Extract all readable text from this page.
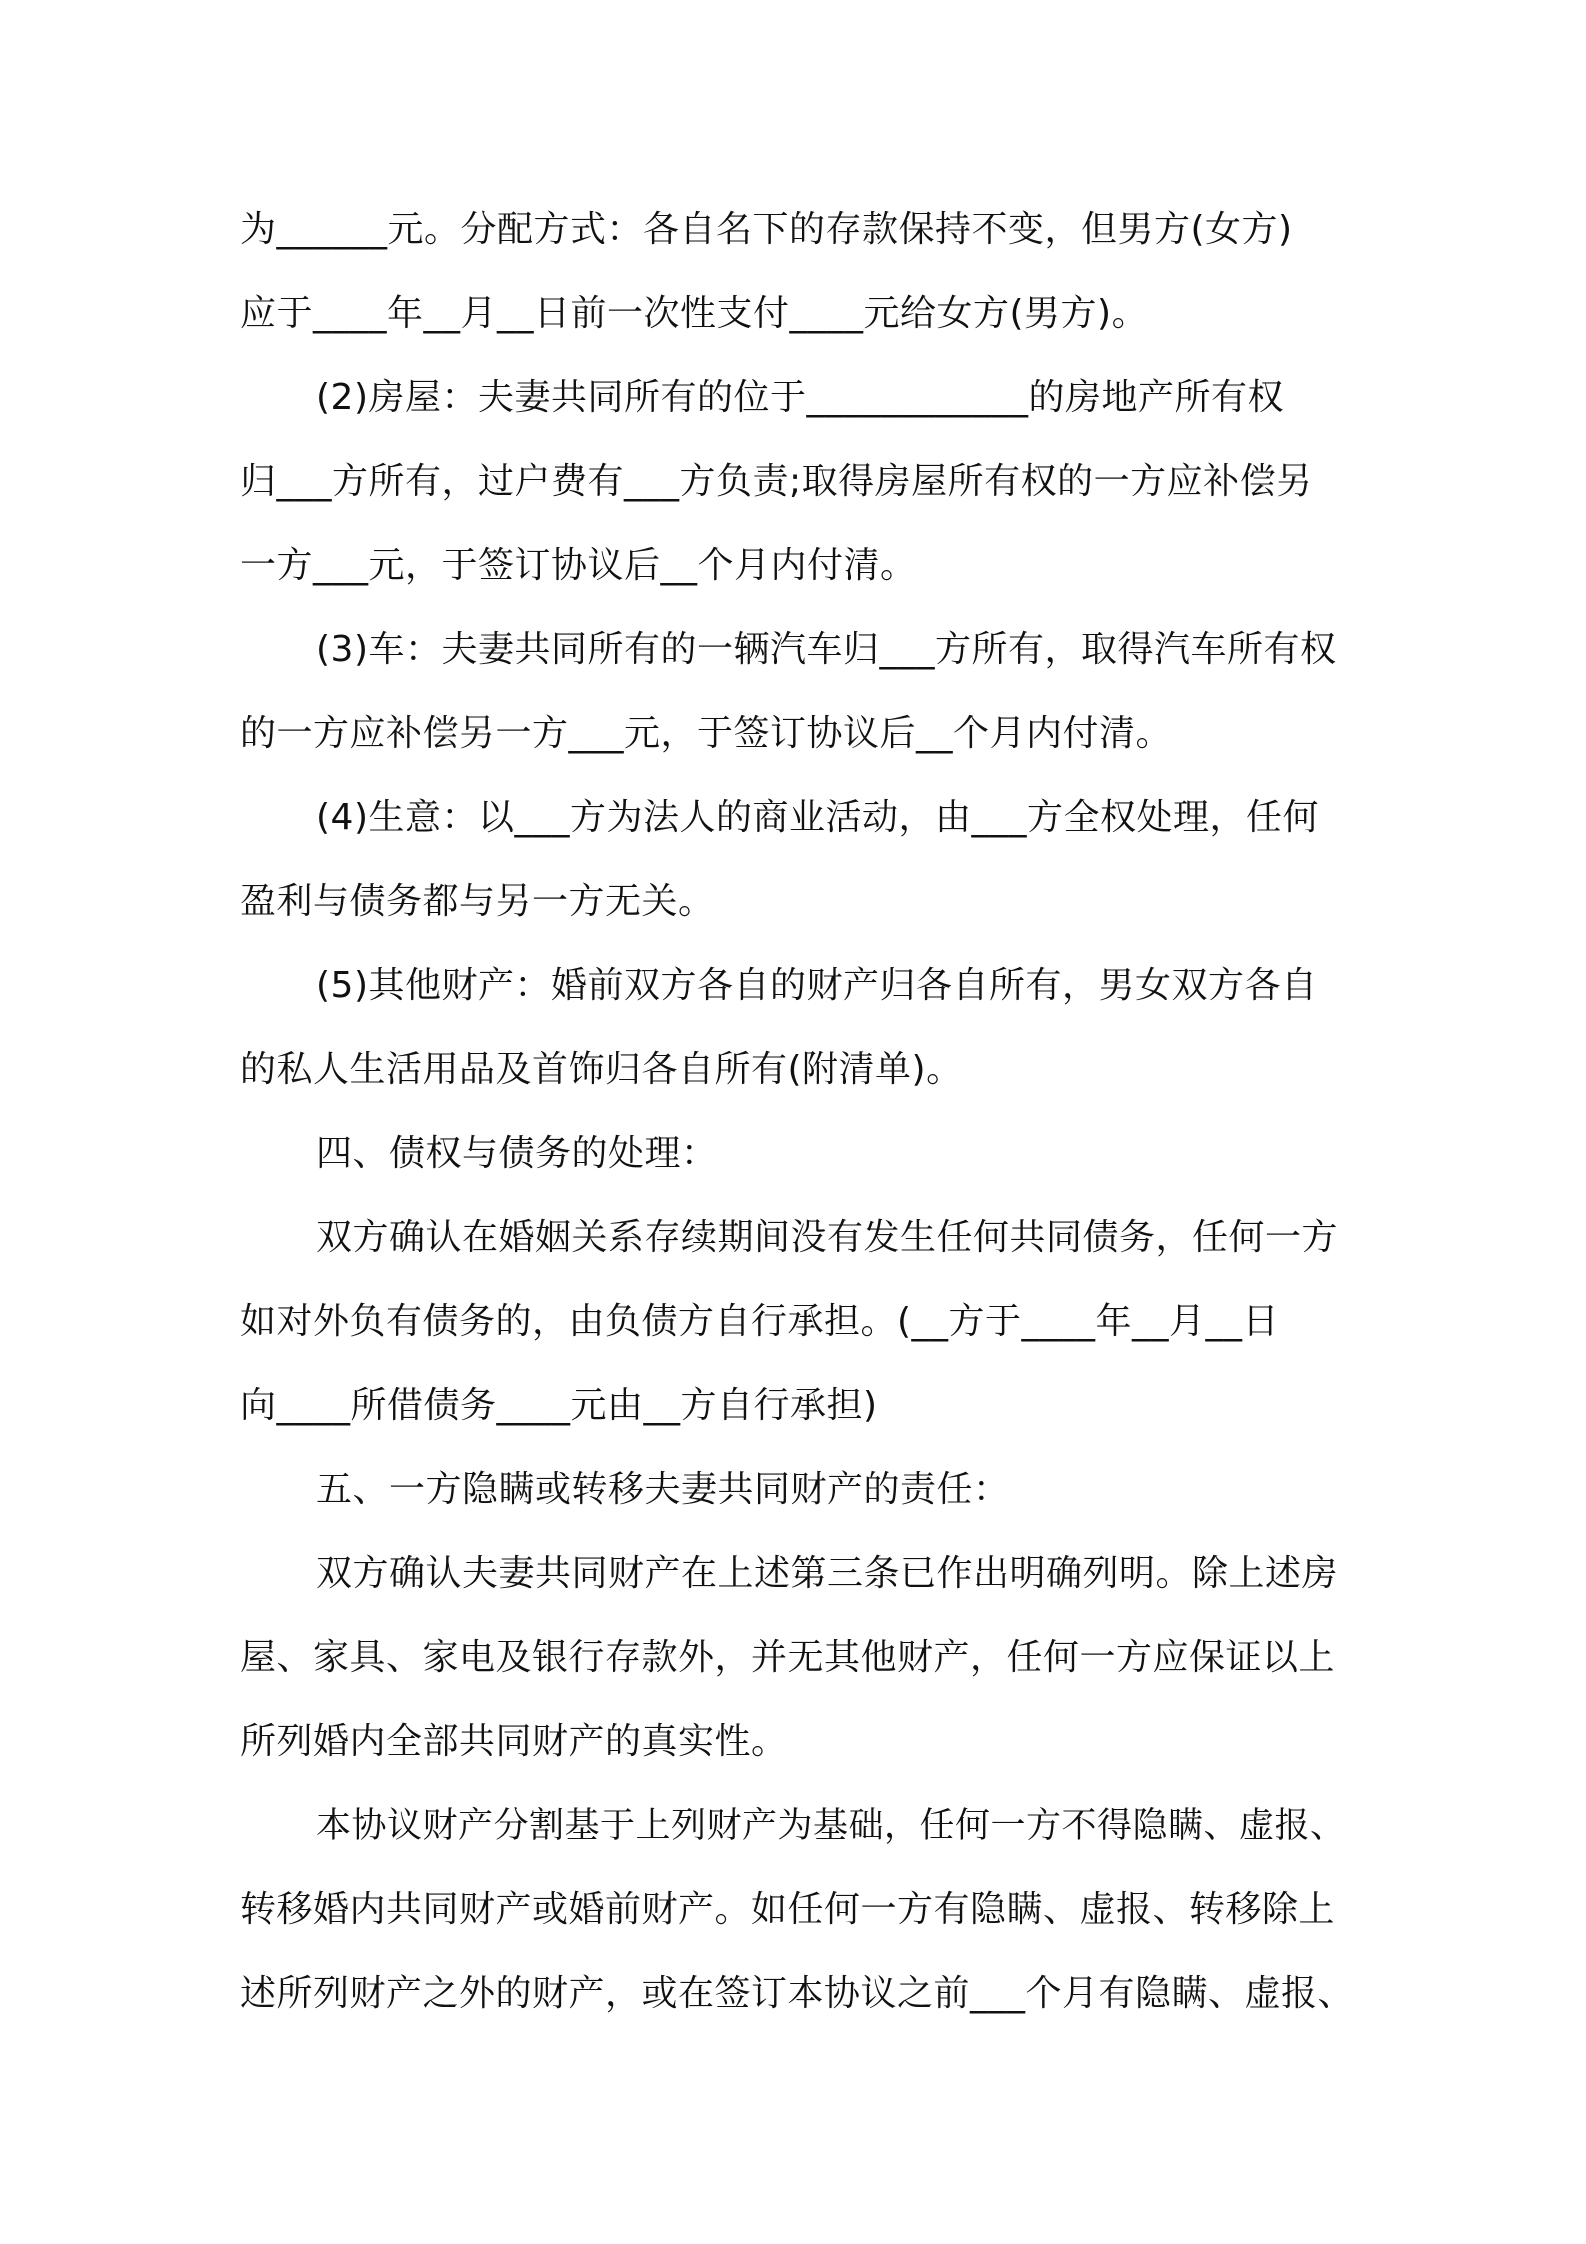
为______元。分配方式：各自名下的存款保持不变，但男方(女方)
应于____年__月__日前一次性支付____元给女方(男方)。
(2)房屋：夫妻共同所有的位于____________的房地产所有权
归___方所有，过户费有___方负责;取得房屋所有权的一方应补偿另
一方___元，于签订协议后__个月内付清。
(3)车：夫妻共同所有的一辆汽车归___方所有，取得汽车所有权
的一方应补偿另一方___元，于签订协议后__个月内付清。
(4)生意：以___方为法人的商业活动，由___方全权处理，任何
盈利与债务都与另一方无关。
(5)其他财产：婚前双方各自的财产归各自所有，男女双方各自
的私人生活用品及首饰归各自所有(附清单)。
四、债权与债务的处理：
双方确认在婚姻关系存续期间没有发生任何共同债务，任何一方
如对外负有债务的，由负债方自行承担。(__方于____年__月__日
向____所借债务____元由__方自行承担)
五、一方隐瞒或转移夫妻共同财产的责任：
双方确认夫妻共同财产在上述第三条已作出明确列明。除上述房
屋、家具、家电及银行存款外，并无其他财产，任何一方应保证以上
所列婚内全部共同财产的真实性。
本协议财产分割基于上列财产为基础，任何一方不得隐瞒、虚报、
转移婚内共同财产或婚前财产。如任何一方有隐瞒、虚报、转移除上
述所列财产之外的财产，或在签订本协议之前___个月有隐瞒、虚报、
